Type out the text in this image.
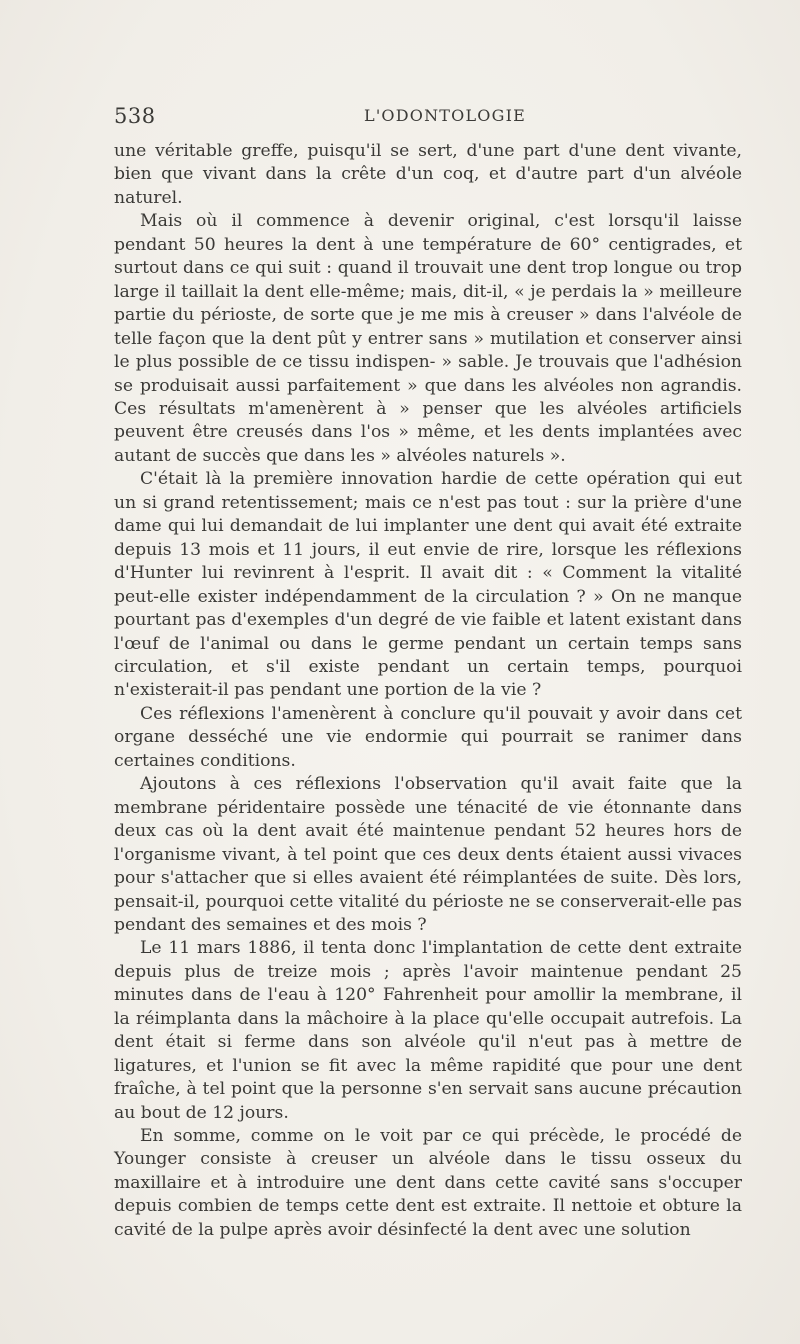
538	L'ODONTOLOGIE

une véritable greffe, puisqu'il se sert, d'une part d'une dent vivante, bien que vivant dans la crête d'un coq, et d'autre part d'un alvéole naturel.

Mais où il commence à devenir original, c'est lorsqu'il laisse pendant 50 heures la dent à une température de 60° centigrades, et surtout dans ce qui suit : quand il trouvait une dent trop longue ou trop large il taillait la dent elle-même; mais, dit-il, « je perdais la » meilleure partie du périoste, de sorte que je me mis à creuser » dans l'alvéole de telle façon que la dent pût y entrer sans » mutilation et conserver ainsi le plus possible de ce tissu indispen- » sable. Je trouvais que l'adhésion se produisait aussi parfaitement » que dans les alvéoles non agrandis. Ces résultats m'amenèrent à » penser que les alvéoles artificiels peuvent être creusés dans l'os » même, et les dents implantées avec autant de succès que dans les » alvéoles naturels ».

C'était là la première innovation hardie de cette opération qui eut un si grand retentissement; mais ce n'est pas tout : sur la prière d'une dame qui lui demandait de lui implanter une dent qui avait été extraite depuis 13 mois et 11 jours, il eut envie de rire, lorsque les réflexions d'Hunter lui revinrent à l'esprit. Il avait dit : « Comment la vitalité peut-elle exister indépendamment de la circulation ? » On ne manque pourtant pas d'exemples d'un degré de vie faible et latent existant dans l'œuf de l'animal ou dans le germe pendant un certain temps sans circulation, et s'il existe pendant un certain temps, pourquoi n'existerait-il pas pendant une portion de la vie ?

Ces réflexions l'amenèrent à conclure qu'il pouvait y avoir dans cet organe desséché une vie endormie qui pourrait se ranimer dans certaines conditions.

Ajoutons à ces réflexions l'observation qu'il avait faite que la membrane péridentaire possède une ténacité de vie étonnante dans deux cas où la dent avait été maintenue pendant 52 heures hors de l'organisme vivant, à tel point que ces deux dents étaient aussi vivaces pour s'attacher que si elles avaient été réimplantées de suite. Dès lors, pensait-il, pourquoi cette vitalité du périoste ne se conserverait-elle pas pendant des semaines et des mois ?

Le 11 mars 1886, il tenta donc l'implantation de cette dent extraite depuis plus de treize mois ; après l'avoir maintenue pendant 25 minutes dans de l'eau à 120° Fahrenheit pour amollir la membrane, il la réimplanta dans la mâchoire à la place qu'elle occupait autrefois. La dent était si ferme dans son alvéole qu'il n'eut pas à mettre de ligatures, et l'union se fit avec la même rapidité que pour une dent fraîche, à tel point que la personne s'en servait sans aucune précaution au bout de 12 jours.

En somme, comme on le voit par ce qui précède, le procédé de Younger consiste à creuser un alvéole dans le tissu osseux du maxillaire et à introduire une dent dans cette cavité sans s'occuper depuis combien de temps cette dent est extraite. Il nettoie et obture la cavité de la pulpe après avoir désinfecté la dent avec une solution
